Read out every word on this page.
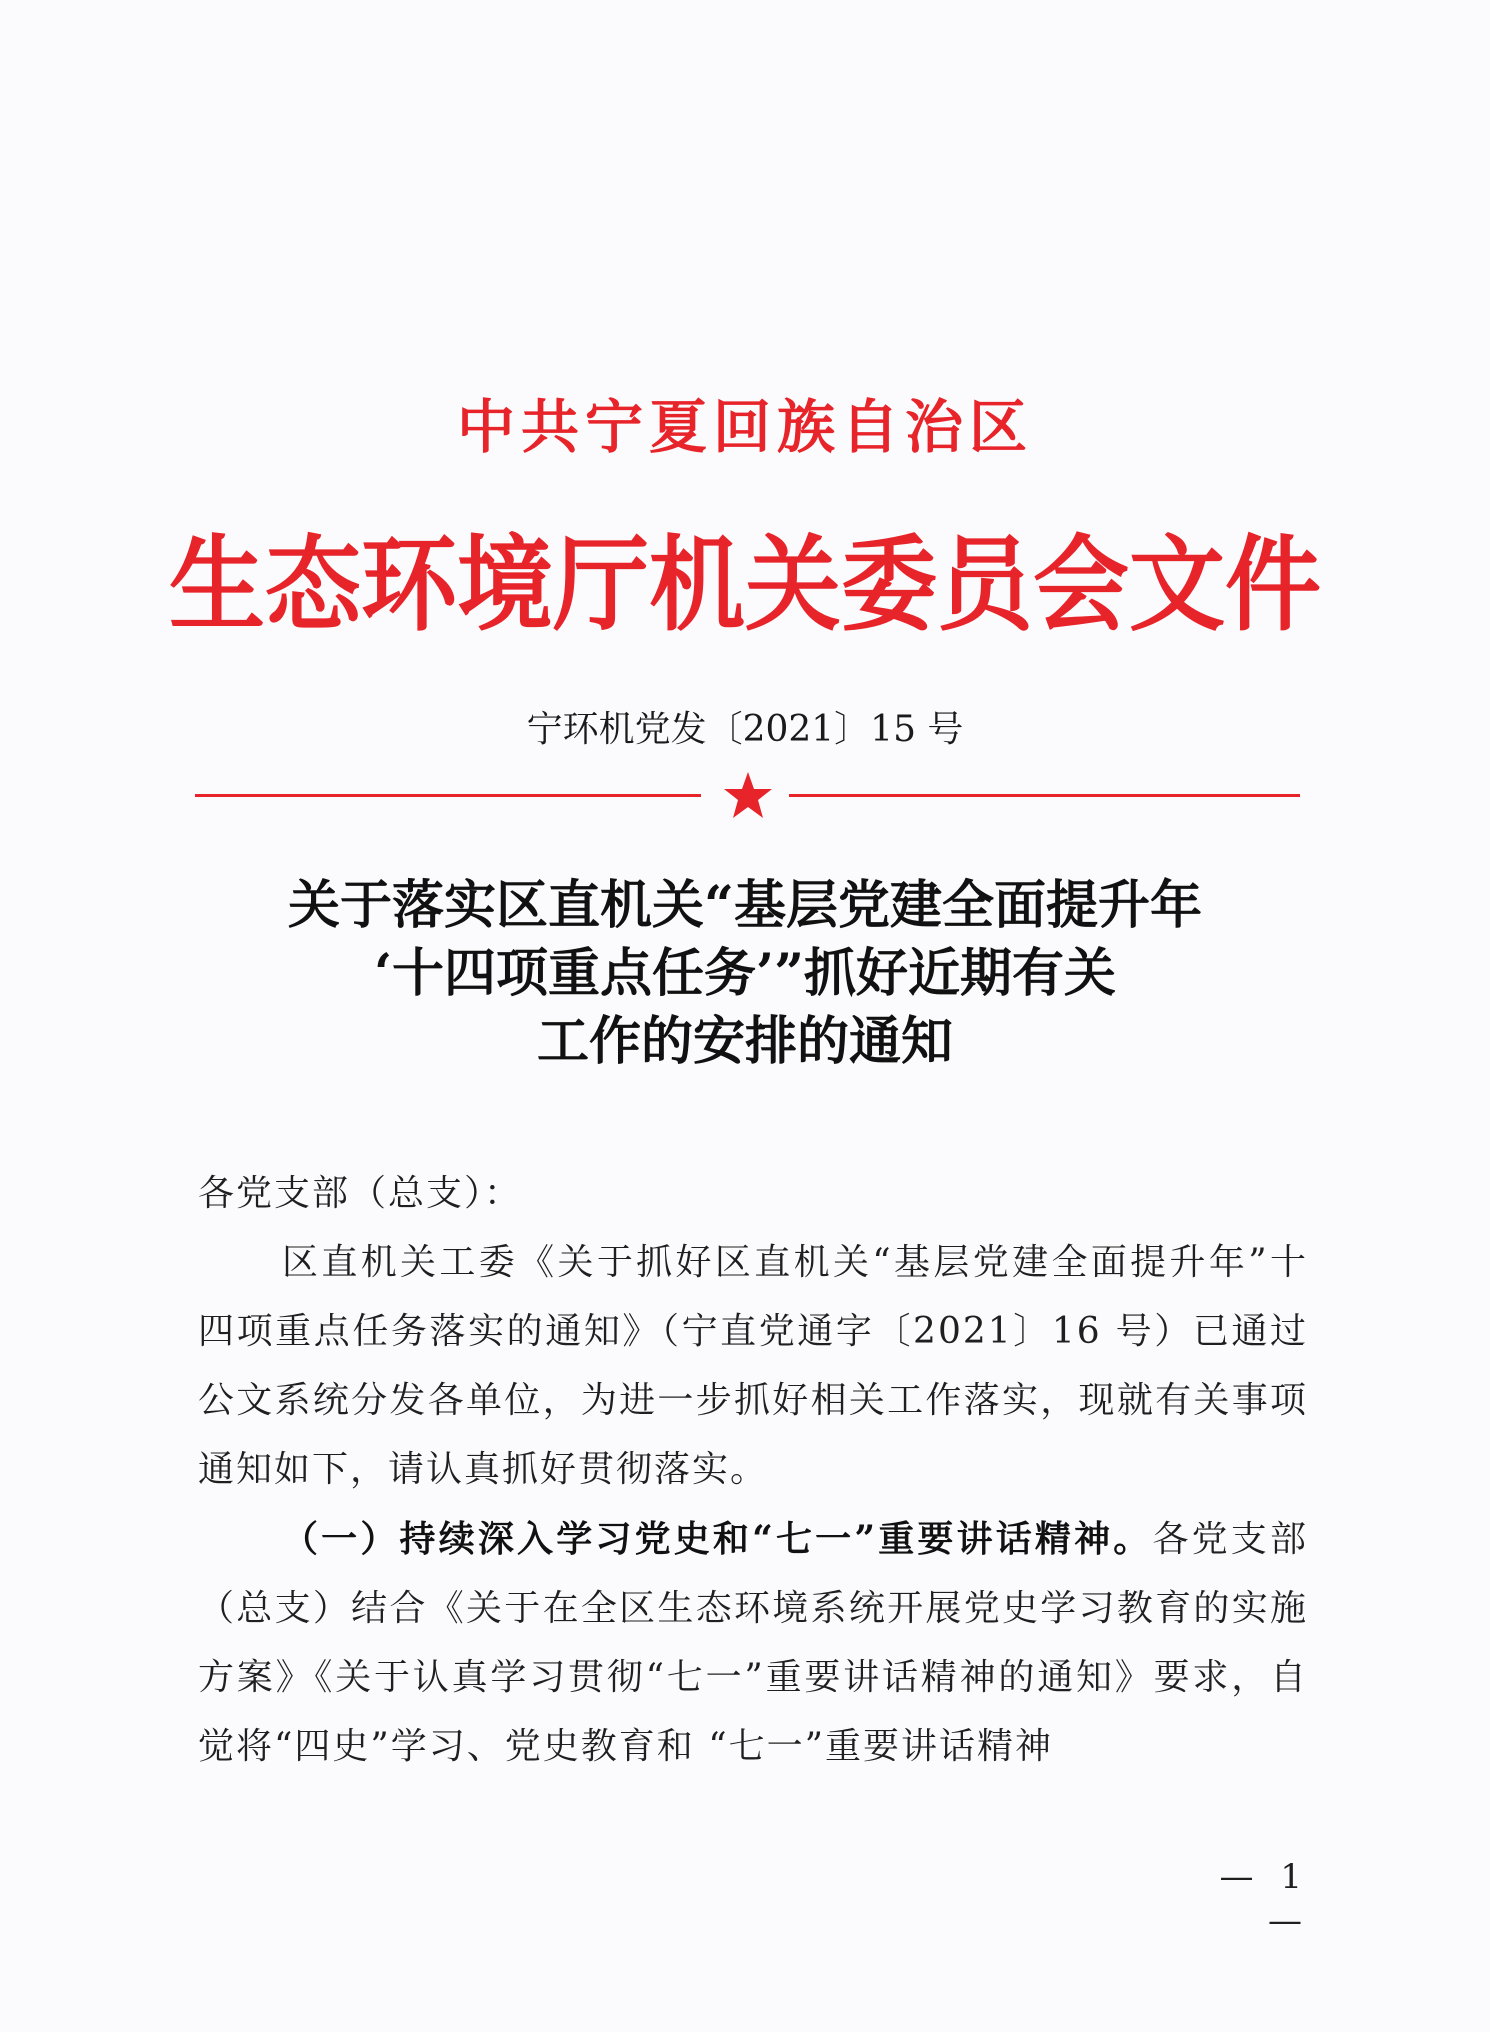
中共宁夏回族自治区
生态环境厅机关委员会文件
宁环机党发〔2021〕15 号
关于落实区直机关“基层党建全面提升年
‘十四项重点任务’”抓好近期有关
工作的安排的通知
各党支部（总支）：
区直机关工委《关于抓好区直机关“基层党建全面提升年”十四项重点任务落实的通知》（宁直党通字〔2021〕16 号）已通过公文系统分发各单位，为进一步抓好相关工作落实，现就有关事项通知如下，请认真抓好贯彻落实。
（一）持续深入学习党史和“七一”重要讲话精神。各党支部（总支）结合《关于在全区生态环境系统开展党史学习教育的实施方案》《关于认真学习贯彻“七一”重要讲话精神的通知》要求，自觉将“四史”学习、党史教育和 “七一”重要讲话精神
— 1 —
